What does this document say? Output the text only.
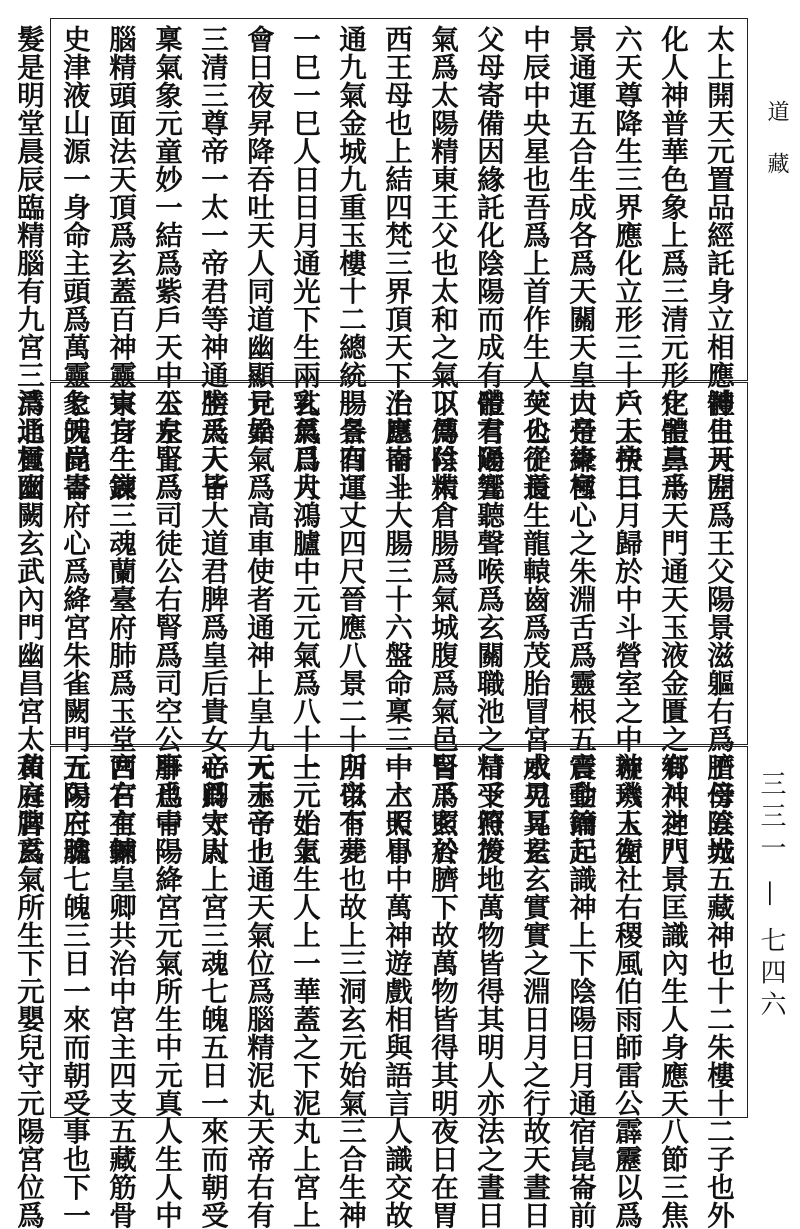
太上開天元置品經託身立相應體生天開
化人神普華色象上爲三清元形化主三十
六天尊降生三界應化立形三十六天帝二
景通運五合生成各爲天關天皇大帝東極
中辰中央星也吾爲上首作生人父也從道
父母寄備因緣託化陰陽而成有體有陽元
氣爲太陽精東王父也太和之氣以爲陰精
西王母也上結四梵三界頂天下治崑崙上
通九氣金城九重玉樓十二總統一景四運
一巳一巳人日日月通光下生兩乳爲日月
會日夜昇降吞吐天人同道幽顯見異
三清三尊帝一太一帝君等神通生天人皆
稟氣象元童妙一結爲紫戶天中玉泉上爲
腦精頭面法天頂爲玄蓋百神靈宗身生宸
史津液山源一身命主頭爲萬靈象天昆崙
髮是明堂晨辰臨精腦有九宮三清通貫面
神日月左爲王父陽景滋軀右爲王母陰光
定體鼻爲天門通天玉液金匱之鄉神之門
戶上抉日月歸於中斗營室之中璇璣玉衡
口是絳宮心之朱淵舌爲靈根五音金鑰元
英公子長生龍轅齒爲茂胎冒宮威刃耳是
帝君通響聽聲喉爲玄關職池之精受符復
下傳付太倉腸爲氣城腹爲氣邑腎爲玄谷
上應南斗大腸三十六盤命稟三十六天小
腸各有二丈四尺晉應八景二十四帝下元
玄氣爲大鴻臚中元元氣爲八十一元士上
元始氣爲高車使者通神上皇九天玉帝也
膀爲天子大道君脾爲皇后貴女心爲太尉
公左腎爲司徒公右腎爲司空公肝爲青陽
東宮主鍊三魂蘭臺府肺爲玉堂西宮主鍊
七魄尚書府心爲絳宮朱雀闕門元陽府膽
爲北極幽闕玄武內門幽昌宮太和府脾爲
臍傍五城五藏神也十二朱樓十二子也外
有八神八景匡識內生人身應天八節三焦
神六人左社右稷風伯雨師雷公霹靂以爲
震動而起識神上下陰陽日月通宿崑崙前
水晃晃玄玄實實之淵日月之行故天晝日
日下照於地萬物皆得其明人亦法之晝日
目下照於臍下故萬物皆得其明夜日在胃
中上照胃中萬神遊戲相與語言人識交故
所以有夢也故上三洞玄元始氣三合生神
上元始氣生人上一華蓋之下泥丸上宮上
元赤子上通天氣位爲腦精泥丸天帝右有
帝卿守人上宮三魂七魄五日一來而朝受
事也中一絳宮元氣所生中元真人生人中
宮右有輔皇卿共治中宮主四支五藏筋骨
五內三魂七魄三日一來而朝受事也下一
黃庭宮玄氣所生下元嬰兒守元陽宮位爲
道藏
三三一 — 七四六
